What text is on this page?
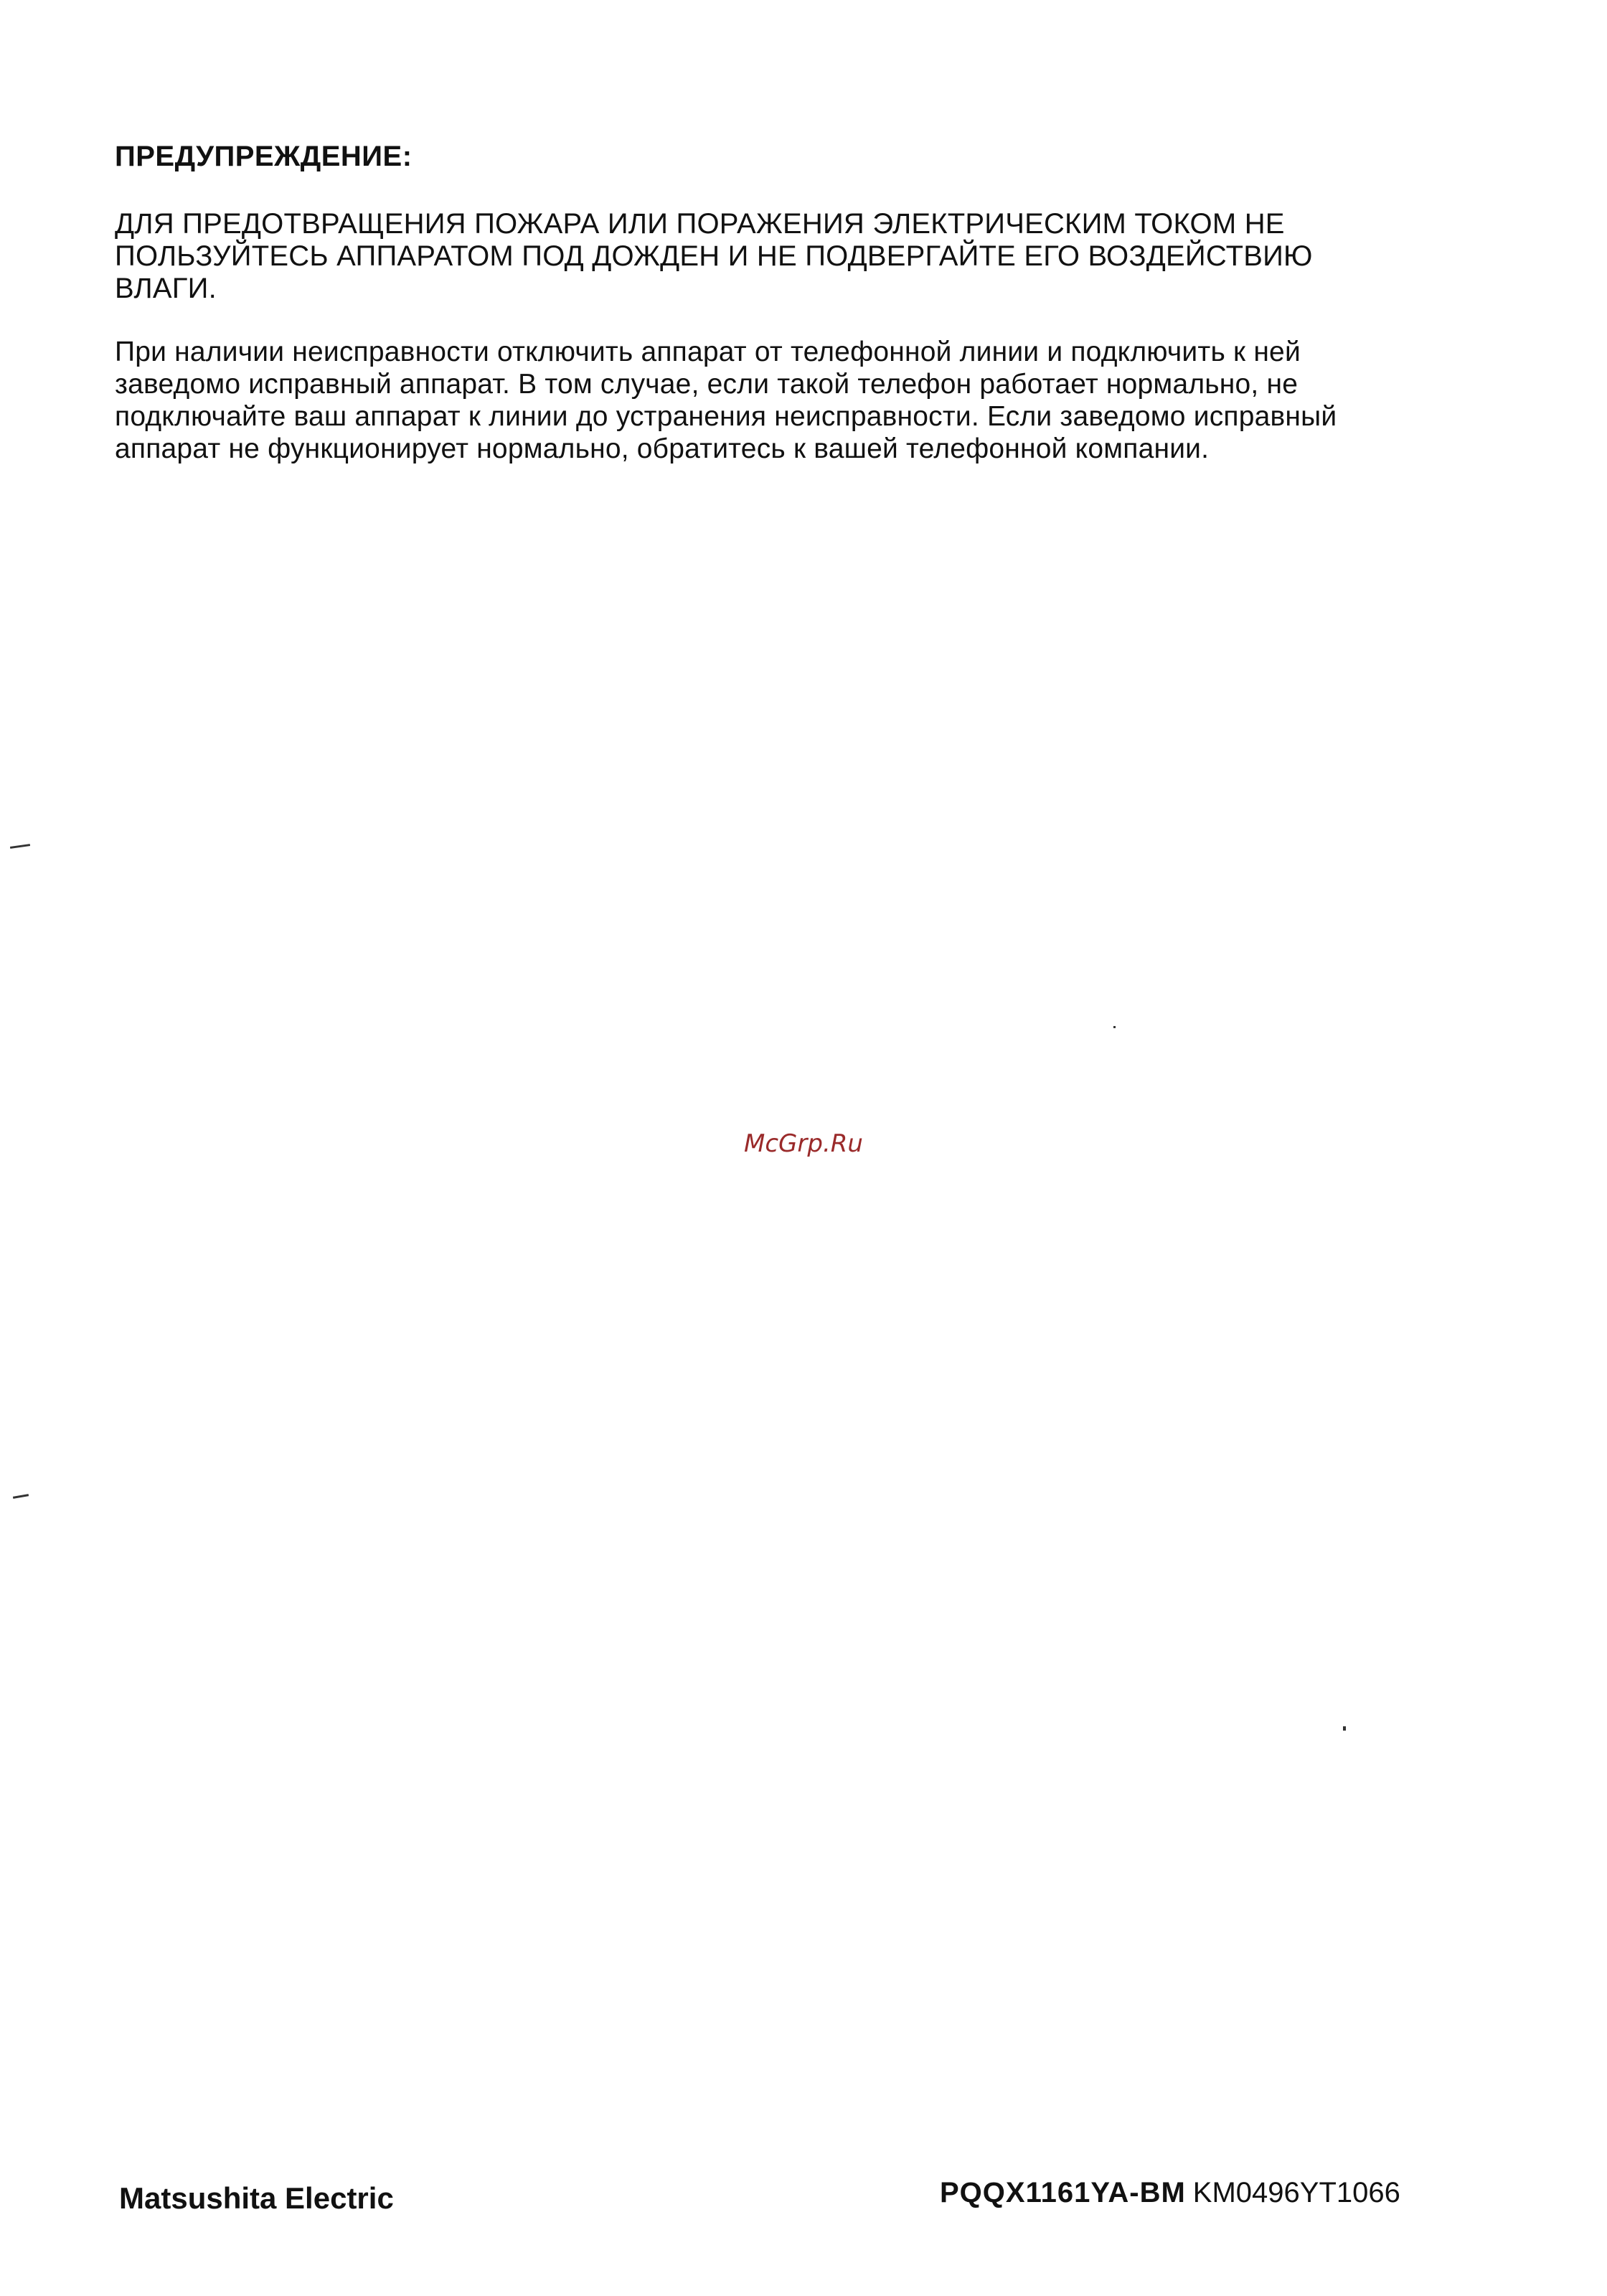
ПРЕДУПРЕЖДЕНИЕ:
ДЛЯ ПРЕДОТВРАЩЕНИЯ ПОЖАРА ИЛИ ПОРАЖЕНИЯ ЭЛЕКТРИЧЕСКИМ ТОКОМ НЕ
ПОЛЬЗУЙТЕСЬ АППАРАТОМ ПОД ДОЖДЕН И НЕ ПОДВЕРГАЙТЕ ЕГО ВОЗДЕЙСТВИЮ
ВЛАГИ.
При наличии неисправности отключить аппарат от телефонной линии и подключить к ней
заведомо исправный аппарат. В том случае, если такой телефон работает нормально, не
подключайте ваш аппарат к линии до устранения неисправности. Если заведомо исправный
аппарат не функционирует нормально, обратитесь к вашей телефонной компании.
McGrp.Ru
Matsushita Electric	PQQX1161YA-BM KM0496YT1066
